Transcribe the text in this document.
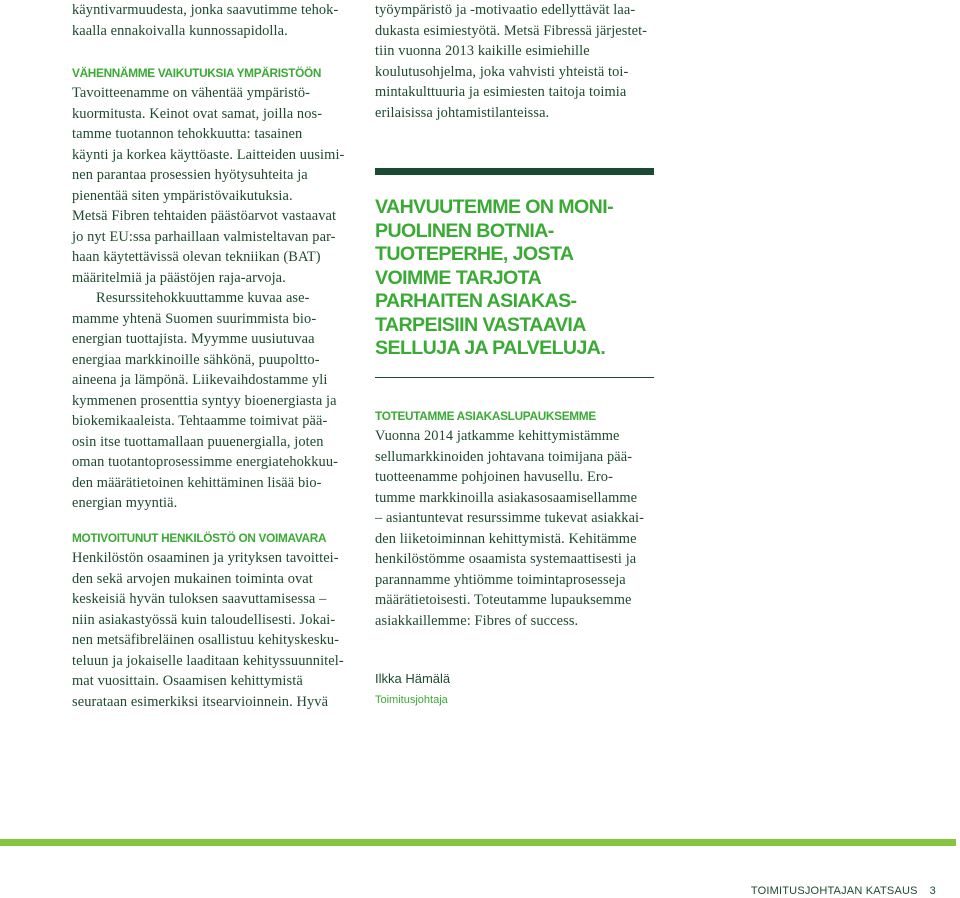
käyntivarmuudesta, jonka saavutimme tehok-
kaalla ennakoivalla kunnossapidolla.
VÄHENNÄMME VAIKUTUKSIA YMPÄRISTÖÖN
Tavoitteenamme on vähentää ympäristö-
kuormitusta. Keinot ovat samat, joilla nos-
tamme tuotannon tehokkuutta: tasainen
käynti ja korkea käyttöaste. Laitteiden uusimi-
nen parantaa prosessien hyötysuhteita ja
pienentää siten ympäristövaikutuksia.
Metsä Fibren tehtaiden päästöarvot vastaavat
jo nyt EU:ssa parhaillaan valmisteltavan par-
haan käytettävissä olevan tekniikan (BAT)
määritelmiä ja päästöjen raja-arvoja.
Resurssitehokkuuttamme kuvaa ase-
mamme yhtenä Suomen suurimmista bio-
energian tuottajista. Myymme uusiutuvaa
energiaa markkinoille sähkönä, puupoltto-
aineena ja lämpönä. Liikevaihdostamme yli
kymmenen prosenttia syntyy bioenergiasta ja
biokemikaaleista. Tehtaamme toimivat pää-
osin itse tuottamallaan puuenergialla, joten
oman tuotantoprosessimme energiatehokkuu-
den määrätietoinen kehittäminen lisää bio-
energian myyntiä.
MOTIVOITUNUT HENKILÖSTÖ ON VOIMAVARA
Henkilöstön osaaminen ja yrityksen tavoittei-
den sekä arvojen mukainen toiminta ovat
keskeisiä hyvän tuloksen saavuttamisessa –
niin asiakastyössä kuin taloudellisesti. Jokai-
nen metsäfibreläinen osallistuu kehityskesku-
teluun ja jokaiselle laaditaan kehityssuunnitel-
mat vuosittain. Osaamisen kehittymistä
seurataan esimerkiksi itsearvioinnein. Hyvä
työympäristö ja -motivaatio edellyttävät laa-
dukasta esimiestyötä. Metsä Fibressä järjestet-
tiin vuonna 2013 kaikille esimiehille
koulutusohjelma, joka vahvisti yhteistä toi-
mintakulttuuria ja esimiesten taitoja toimia
erilaisissa johtamistilanteissa.
VAHVUUTEMME ON MONI-
PUOLINEN BOTNIA-
TUOTEPERHE, JOSTA
VOIMME TARJOTA
PARHAITEN ASIAKAS-
TARPEISIIN VASTAAVIA
SELLUJA JA PALVELUJA.
TOTEUTAMME ASIAKASLUPAUKSEMME
Vuonna 2014 jatkamme kehittymistämme
sellumarkkinoiden johtavana toimijana pää-
tuotteenamme pohjoinen havusellu. Ero-
tumme markkinoilla asiakasosaamisellamme
– asiantuntevat resurssimme tukevat asiakkai-
den liiketoiminnan kehittymistä. Kehitämme
henkilöstömme osaamista systemaattisesti ja
parannamme yhtiömme toimintaprosesseja
määrätietoisesti. Toteutamme lupauksemme
asiakkaillemme: Fibres of success.
Ilkka Hämälä
Toimitusjohtaja
TOIMITUSJOHTAJAN KATSAUS 3
